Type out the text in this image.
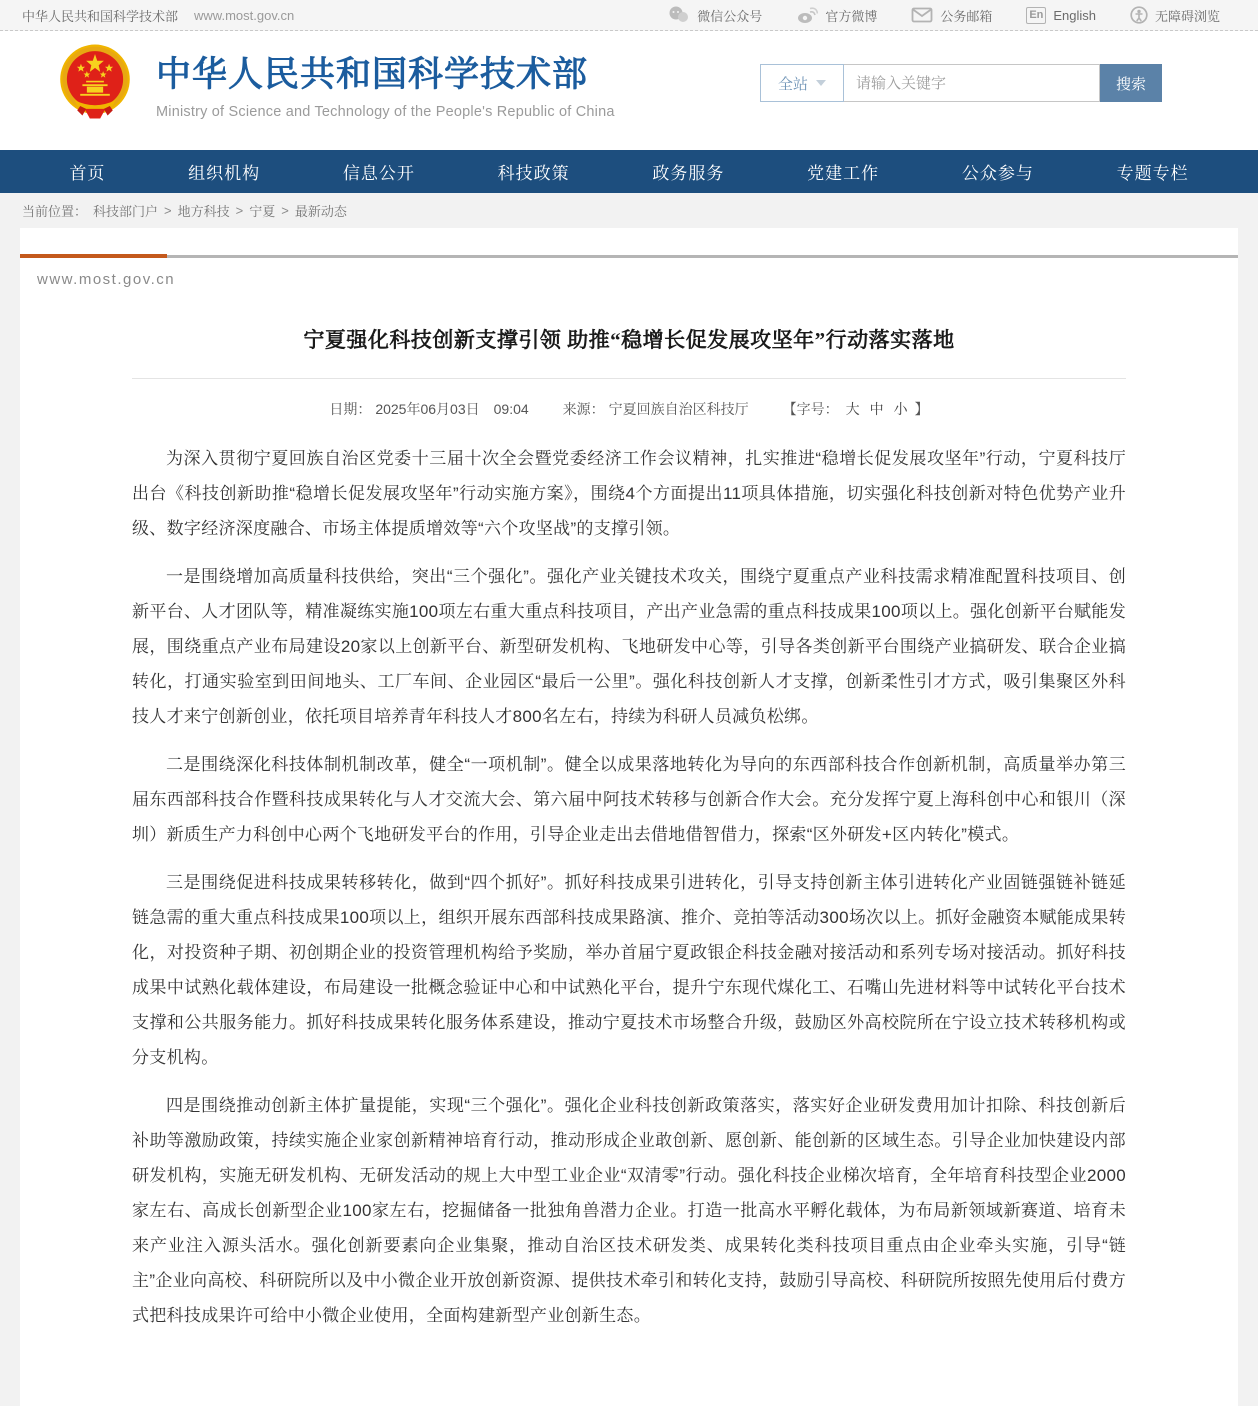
中华人民共和国科学技术部 www.most.gov.cn	微信公众号	官方微博	公务邮箱	En English	无障碍浏览
中华人民共和国科学技术部
Ministry of Science and Technology of the People's Republic of China
全站
请输入关键字	搜索
首页	组织机构	信息公开	科技政策	政务服务	党建工作	公众参与	专题专栏
当前位置： 科技部门户 > 地方科技 > 宁夏 > 最新动态
www.most.gov.cn
宁夏强化科技创新支撑引领 助推“稳增长促发展攻坚年”行动落实落地
日期： 2025年06月03日 09:04 来源： 宁夏回族自治区科技厅 【字号： 大 中 小 】

为深入贯彻宁夏回族自治区党委十三届十次全会暨党委经济工作会议精神，扎实推进“稳增长促发展攻坚年”行动，宁夏科技厅出台《科技创新助推“稳增长促发展攻坚年”行动实施方案》，围绕4个方面提出11项具体措施，切实强化科技创新对特色优势产业升级、数字经济深度融合、市场主体提质增效等“六个攻坚战”的支撑引领。

一是围绕增加高质量科技供给，突出“三个强化”。强化产业关键技术攻关，围绕宁夏重点产业科技需求精准配置科技项目、创新平台、人才团队等，精准凝练实施100项左右重大重点科技项目，产出产业急需的重点科技成果100项以上。强化创新平台赋能发展，围绕重点产业布局建设20家以上创新平台、新型研发机构、飞地研发中心等，引导各类创新平台围绕产业搞研发、联合企业搞转化，打通实验室到田间地头、工厂车间、企业园区“最后一公里”。强化科技创新人才支撑，创新柔性引才方式，吸引集聚区外科技人才来宁创新创业，依托项目培养青年科技人才800名左右，持续为科研人员减负松绑。

二是围绕深化科技体制机制改革，健全“一项机制”。健全以成果落地转化为导向的东西部科技合作创新机制，高质量举办第三届东西部科技合作暨科技成果转化与人才交流大会、第六届中阿技术转移与创新合作大会。充分发挥宁夏上海科创中心和银川（深圳）新质生产力科创中心两个飞地研发平台的作用，引导企业走出去借地借智借力，探索“区外研发+区内转化”模式。

三是围绕促进科技成果转移转化，做到“四个抓好”。抓好科技成果引进转化，引导支持创新主体引进转化产业固链强链补链延链急需的重大重点科技成果100项以上，组织开展东西部科技成果路演、推介、竞拍等活动300场次以上。抓好金融资本赋能成果转化，对投资种子期、初创期企业的投资管理机构给予奖励，举办首届宁夏政银企科技金融对接活动和系列专场对接活动。抓好科技成果中试熟化载体建设，布局建设一批概念验证中心和中试熟化平台，提升宁东现代煤化工、石嘴山先进材料等中试转化平台技术支撑和公共服务能力。抓好科技成果转化服务体系建设，推动宁夏技术市场整合升级，鼓励区外高校院所在宁设立技术转移机构或分支机构。

四是围绕推动创新主体扩量提能，实现“三个强化”。强化企业科技创新政策落实，落实好企业研发费用加计扣除、科技创新后补助等激励政策，持续实施企业家创新精神培育行动，推动形成企业敢创新、愿创新、能创新的区域生态。引导企业加快建设内部研发机构，实施无研发机构、无研发活动的规上大中型工业企业“双清零”行动。强化科技企业梯次培育，全年培育科技型企业2000家左右、高成长创新型企业100家左右，挖掘储备一批独角兽潜力企业。打造一批高水平孵化载体，为布局新领域新赛道、培育未来产业注入源头活水。强化创新要素向企业集聚，推动自治区技术研发类、成果转化类科技项目重点由企业牵头实施，引导“链主”企业向高校、科研院所以及中小微企业开放创新资源、提供技术牵引和转化支持，鼓励引导高校、科研院所按照先使用后付费方式把科技成果许可给中小微企业使用，全面构建新型产业创新生态。
